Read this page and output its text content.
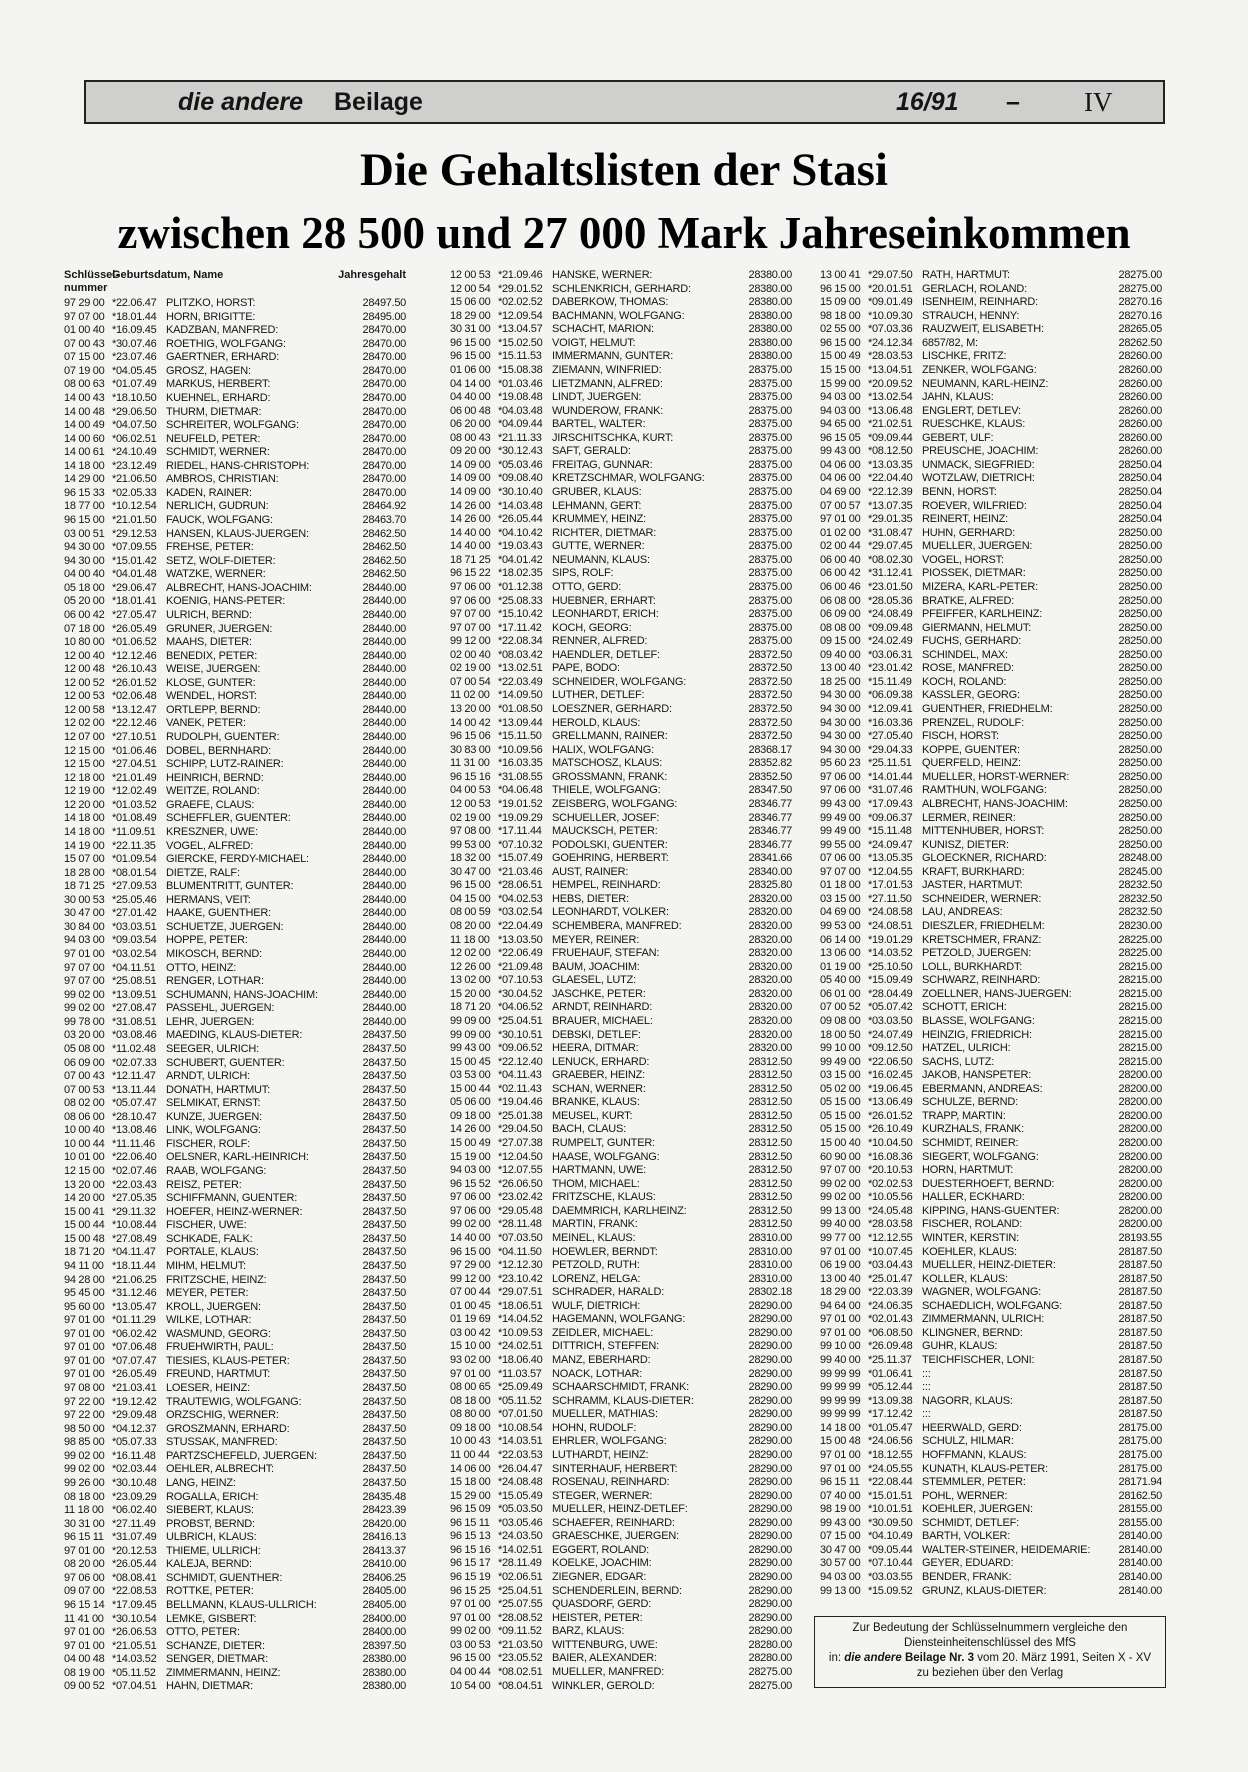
die andere Beilage	16/91 – IV
Die Gehaltslisten der Stasi
zwischen 28 500 und 27 000 Mark Jahreseinkommen
Schlüssel-
nummer
Geburtsdatum, Name	Jahresgehalt
97 29 00 *22.06.47 PLITZKO, HORST:	28497.50
97 07 00 *18.01.44 HORN, BRIGITTE:	28495.00
01 00 40 *16.09.45 KADZBAN, MANFRED:	28470.00
07 00 43 *30.07.46 ROETHIG, WOLFGANG:	28470.00
07 15 00 *23.07.46 GAERTNER, ERHARD:	28470.00
07 19 00 *04.05.45 GROSZ, HAGEN:	28470.00
08 00 63 *01.07.49 MARKUS, HERBERT:	28470.00
14 00 43 *18.10.50 KUEHNEL, ERHARD:	28470.00
14 00 48 *29.06.50 THURM, DIETMAR:	28470.00
14 00 49 *04.07.50 SCHREITER, WOLFGANG:	28470.00
14 00 60 *06.02.51 NEUFELD, PETER:	28470.00
14 00 61 *24.10.49 SCHMIDT, WERNER:	28470.00
14 18 00 *23.12.49 RIEDEL, HANS-CHRISTOPH:	28470.00
14 29 00 *21.06.50 AMBROS, CHRISTIAN:	28470.00
96 15 33 *02.05.33 KADEN, RAINER:	28470.00
18 77 00 *10.12.54 NERLICH, GUDRUN:	28464.92
96 15 00 *21.01.50 FAUCK, WOLFGANG:	28463.70
03 00 51 *29.12.53 HANSEN, KLAUS-JUERGEN:	28462.50
94 30 00 *07.09.55 FREHSE, PETER:	28462.50
94 30 00 *15.01.42 SETZ, WOLF-DIETER:	28462.50
04 00 40 *04.01.48 WATZKE, WERNER:	28462.50
05 18 00 *29.06.47 ALBRECHT, HANS-JOACHIM:	28440.00
05 20 00 *18.01.41 KOENIG, HANS-PETER:	28440.00
06 00 42 *27.05.47 ULRICH, BERND:	28440.00
07 18 00 *26.05.49 GRUNER, JUERGEN:	28440.00
10 80 00 *01.06.52 MAAHS, DIETER:	28440.00
12 00 40 *12.12.46 BENEDIX, PETER:	28440.00
12 00 48 *26.10.43 WEISE, JUERGEN:	28440.00
12 00 52 *26.01.52 KLOSE, GUNTER:	28440.00
12 00 53 *02.06.48 WENDEL, HORST:	28440.00
12 00 58 *13.12.47 ORTLEPP, BERND:	28440.00
12 02 00 *22.12.46 VANEK, PETER:	28440.00
12 07 00 *27.10.51 RUDOLPH, GUENTER:	28440.00
12 15 00 *01.06.46 DOBEL, BERNHARD:	28440.00
12 15 00 *27.04.51 SCHIPP, LUTZ-RAINER:	28440.00
12 18 00 *21.01.49 HEINRICH, BERND:	28440.00
12 19 00 *12.02.49 WEITZE, ROLAND:	28440.00
12 20 00 *01.03.52 GRAEFE, CLAUS:	28440.00
14 18 00 *01.08.49 SCHEFFLER, GUENTER:	28440.00
14 18 00 *11.09.51 KRESZNER, UWE:	28440.00
14 19 00 *22.11.35 VOGEL, ALFRED:	28440.00
15 07 00 *01.09.54 GIERCKE, FERDY-MICHAEL:	28440.00
18 28 00 *08.01.54 DIETZE, RALF:	28440.00
18 71 25 *27.09.53 BLUMENTRITT, GUNTER:	28440.00
30 00 53 *25.05.46 HERMANS, VEIT:	28440.00
30 47 00 *27.01.42 HAAKE, GUENTHER:	28440.00
30 84 00 *03.03.51 SCHUETZE, JUERGEN:	28440.00
94 03 00 *09.03.54 HOPPE, PETER:	28440.00
97 01 00 *03.02.54 MIKOSCH, BERND:	28440.00
97 07 00 *04.11.51 OTTO, HEINZ:	28440.00
97 07 00 *25.08.51 RENGER, LOTHAR:	28440.00
99 02 00 *13.09.51 SCHUMANN, HANS-JOACHIM:	28440.00
99 02 00 *27.08.47 PASSEHL, JUERGEN:	28440.00
99 78 00 *31.08.51 LEHR, JUERGEN:	28440.00
03 20 00 *03.08.46 MAEDING, KLAUS-DIETER:	28437.50
05 08 00 *11.02.48 SEEGER, ULRICH:	28437.50
06 09 00 *02.07.33 SCHUBERT, GUENTER:	28437.50
07 00 43 *12.11.47 ARNDT, ULRICH:	28437.50
07 00 53 *13.11.44 DONATH, HARTMUT:	28437.50
08 02 00 *05.07.47 SELMIKAT, ERNST:	28437.50
08 06 00 *28.10.47 KUNZE, JUERGEN:	28437.50
10 00 40 *13.08.46 LINK, WOLFGANG:	28437.50
10 00 44 *11.11.46	FISCHER, ROLF:	28437.50
10 01 00 *22.06.40 OELSNER, KARL-HEINRICH:	28437.50
12 15 00 *02.07.46 RAAB, WOLFGANG:	28437.50
13 20 00 *22.03.43 REISZ, PETER:	28437.50
14 20 00 *27.05.35 SCHIFFMANN, GUENTER:	28437.50
15 00 41 *29.11.32 HOEFER, HEINZ-WERNER:	28437.50
15 00 44 *10.08.44 FISCHER, UWE:	28437.50
15 00 48 *27.08.49 SCHKADE, FALK:	28437.50
18 71 20 *04.11.47 PORTALE, KLAUS:	28437.50
94 11 00 *18.11.44 MIHM, HELMUT:	28437.50
94 28 00 *21.06.25 FRITZSCHE, HEINZ:	28437.50
95 45 00 *31.12.46 MEYER, PETER:	28437.50
95 60 00 *13.05.47 KROLL, JUERGEN:	28437.50
97 01 00 *01.11.29 WILKE, LOTHAR:	28437.50
97 01 00 *06.02.42 WASMUND, GEORG:	28437.50
97 01 00 *07.06.48 FRUEHWIRTH, PAUL:	28437.50
97 01 00 *07.07.47 TIESIES, KLAUS-PETER:	28437.50
97 01 00 *26.05.49 FREUND, HARTMUT:	28437.50
97 08 00 *21.03.41 LOESER, HEINZ:	28437.50
97 22 00 *19.12.42 TRAUTEWIG, WOLFGANG:	28437.50
97 22 00 *29.09.48 ORZSCHIG, WERNER:	28437.50
98 50 00 *04.12.37 GROSZMANN, ERHARD:	28437.50
98 85 00 *05.07.33 STUSSAK, MANFRED:	28437.50
99 02 00 *16.11.48 PARTZSCHEFELD, JUERGEN:	28437.50
99 02 00 *02.03.44 OEHLER, ALBRECHT:	28437.50
99 26 00 *30.10.48 LANG, HEINZ:	28437.50
08 18 00 *23.09.29 ROGALLA, ERICH:	28435.48
11 18 00 *06.02.40 SIEBERT, KLAUS:	28423.39
30 31 00 *27.11.49 PROBST, BERND:	28420.00
96 15 11 *31.07.49 ULBRICH, KLAUS:	28416.13
97 01 00 *20.12.53 THIEME, ULLRICH:	28413.37
08 20 00 *26.05.44 KALEJA, BERND:	28410.00
97 06 00 *08.08.41 SCHMIDT, GUENTHER:	28406.25
09 07 00 *22.08.53 ROTTKE, PETER:	28405.00
96 15 14 *17.09.45 BELLMANN, KLAUS-ULLRICH:	28405.00
11 41 00 *30.10.54 LEMKE, GISBERT:	28400.00
97 01 00 *26.06.53 OTTO, PETER:	28400.00
97 01 00 *21.05.51 SCHANZE, DIETER:	28397.50
04 00 48 *14.03.52 SENGER, DIETMAR:	28380.00
08 19 00 *05.11.52 ZIMMERMANN, HEINZ:	28380.00
09 00 52 *07.04.51 HAHN, DIETMAR:	28380.00
12 00 53 *21.09.46 HANSKE, WERNER:	28380.00
12 00 54 *29.01.52 SCHLENKRICH, GERHARD:	28380.00
15 06 00 *02.02.52 DABERKOW, THOMAS:	28380.00
18 29 00 *12.09.54 BACHMANN, WOLFGANG:	28380.00
30 31 00 *13.04.57 SCHACHT, MARION:	28380.00
96 15 00 *15.02.50 VOIGT, HELMUT:	28380.00
96 15 00 *15.11.53 IMMERMANN, GUNTER:	28380.00
01 06 00 *15.08.38 ZIEMANN, WINFRIED:	28375.00
04 14 00 *01.03.46 LIETZMANN, ALFRED:	28375.00
04 40 00 *19.08.48 LINDT, JUERGEN:	28375.00
06 00 48 *04.03.48 WUNDEROW, FRANK:	28375.00
06 20 00 *04.09.44 BARTEL, WALTER:	28375.00
08 00 43 *21.11.33 JIRSCHITSCHKA, KURT:	28375.00
09 20 00 *30.12.43 SAFT, GERALD:	28375.00
14 09 00 *05.03.46 FREITAG, GUNNAR:	28375.00
14 09 00 *09.08.40 KRETZSCHMAR, WOLFGANG:	28375.00
14 09 00 *30.10.40 GRUBER, KLAUS:	28375.00
14 26 00 *14.03.48 LEHMANN, GERT:	28375.00
14 26 00 *26.05.44 KRUMMEY, HEINZ:	28375.00
14 40 00 *04.10.42 RICHTER, DIETMAR:	28375.00
14 40 00 *19.03.43 GUTTE, WERNER:	28375.00
18 71 25 *04.01.42 NEUMANN, KLAUS:	28375.00
96 15 22 *18.02.35 SIPS, ROLF:	28375.00
97 06 00 *01.12.38 OTTO, GERD:	28375.00
97 06 00 *25.08.33 HUEBNER, ERHART:	28375.00
97 07 00 *15.10.42 LEONHARDT, ERICH:	28375.00
97 07 00 *17.11.42 KOCH, GEORG:	28375.00
99 12 00 *22.08.34 RENNER, ALFRED:	28375.00
02 00 40 *08.03.42 HAENDLER, DETLEF:	28372.50
02 19 00 *13.02.51 PAPE, BODO:	28372.50
07 00 54 *22.03.49 SCHNEIDER, WOLFGANG:	28372.50
11 02 00 *14.09.50 LUTHER, DETLEF:	28372.50
13 20 00 *01.08.50 LOESZNER, GERHARD:	28372.50
14 00 42 *13.09.44 HEROLD, KLAUS:	28372.50
96 15 06 *15.11.50 GRELLMANN, RAINER:	28372.50
30 83 00 *10.09.56 HALIX, WOLFGANG:	28368.17
11 31 00 *16.03.35 MATSCHOSZ, KLAUS:	28352.82
96 15 16 *31.08.55 GROSSMANN, FRANK:	28352.50
04 00 53 *04.06.48 THIELE, WOLFGANG:	28347.50
12 00 53 *19.01.52 ZEISBERG, WOLFGANG:	28346.77
02 19 00 *19.09.29 SCHUELLER, JOSEF:	28346.77
97 08 00 *17.11.44 MAUCKSCH, PETER:	28346.77
99 53 00 *07.10.32 PODOLSKI, GUENTER:	28346.77
18 32 00 *15.07.49 GOEHRING, HERBERT:	28341.66
30 47 00 *21.03.46 AUST, RAINER:	28340.00
96 15 00 *28.06.51 HEMPEL, REINHARD:	28325.80
04 15 00 *04.02.53 HEBS, DIETER:	28320.00
08 00 59 *03.02.54 LEONHARDT, VOLKER:	28320.00
08 20 00 *22.04.49 SCHEMBERA, MANFRED:	28320.00
11 18 00 *13.03.50 MEYER, REINER:	28320.00
12 02 00 *22.06.49 FRUEHAUF, STEFAN:	28320.00
12 26 00 *21.09.48 BAUM, JOACHIM:	28320.00
13 02 00 *07.10.53 GLAESEL, LUTZ:	28320.00
15 20 00 *30.04.52 JASCHKE, PETER:	28320.00
18 71 20 *04.06.52 ARNDT, REINHARD:	28320.00
99 09 00 *25.04.51 BRAUER, MICHAEL:	28320.00
99 09 00 *30.10.51 DEBSKI, DETLEF:	28320.00
99 43 00 *09.06.52 HEERA, DITMAR:	28320.00
15 00 45 *22.12.40 LENUCK, ERHARD:	28312.50
03 53 00 *04.11.43 GRAEBER, HEINZ:	28312.50
15 00 44 *02.11.43 SCHAN, WERNER:	28312.50
05 06 00 *19.04.46 BRANKE, KLAUS:	28312.50
09 18 00 *25.01.38 MEUSEL, KURT:	28312.50
14 26 00 *29.04.50 BACH, CLAUS:	28312.50
15 00 49 *27.07.38 RUMPELT, GUNTER:	28312.50
15 19 00 *12.04.50 HAASE, WOLFGANG:	28312.50
94 03 00 *12.07.55 HARTMANN, UWE:	28312.50
96 15 52 *26.06.50 THOM, MICHAEL:	28312.50
97 06 00 *23.02.42 FRITZSCHE, KLAUS:	28312.50
97 06 00 *29.05.48 DAEMMRICH, KARLHEINZ:	28312.50
99 02 00 *28.11.48 MARTIN, FRANK:	28312.50
14 40 00 *07.03.50 MEINEL, KLAUS:	28310.00
96 15 00 *04.11.50 HOEWLER, BERNDT:	28310.00
97 29 00 *12.12.30 PETZOLD, RUTH:	28310.00
99 12 00 *23.10.42 LORENZ, HELGA:	28310.00
07 00 44 *29.07.51 SCHRADER, HARALD:	28302.18
01 00 45 *18.06.51 WULF, DIETRICH:	28290.00
01 19 69 *14.04.52 HAGEMANN, WOLFGANG:	28290.00
03 00 42 *10.09.53 ZEIDLER, MICHAEL:	28290.00
15 10 00 *24.02.51 DITTRICH, STEFFEN:	28290.00
93 02 00 *18.06.40 MANZ, EBERHARD:	28290.00
97 01 00 *11.03.57 NOACK, LOTHAR:	28290.00
08 00 65 *25.09.49 SCHAARSCHMIDT, FRANK:	28290.00
08 18 00 *05.11.52 SCHRAMM, KLAUS-DIETER:	28290.00
08 80 00 *07.01.50 MUELLER, MATHIAS:	28290.00
09 18 00 *10.08.54 HOHN, RUDOLF:	28290.00
10 00 43 *14.03.51 EHRLER, WOLFGANG:	28290.00
11 00 44 *22.03.53 LUTHARDT, HEINZ:	28290.00
14 06 00 *26.04.47 SINTERHAUF, HERBERT:	28290.00
15 18 00 *24.08.48 ROSENAU, REINHARD:	28290.00
15 29 00 *15.05.49 STEGER, WERNER:	28290.00
96 15 09 *05.03.50 MUELLER, HEINZ-DETLEF:	28290.00
96 15 11 *03.05.46 SCHAEFER, REINHARD:	28290.00
96 15 13 *24.03.50 GRAESCHKE, JUERGEN:	28290.00
96 15 16 *14.02.51 EGGERT, ROLAND:	28290.00
96 15 17 *28.11.49 KOELKE, JOACHIM:	28290.00
96 15 19 *02.06.51 ZIEGNER, EDGAR:	28290.00
96 15 25 *25.04.51 SCHENDERLEIN, BERND:	28290.00
97 01 00 *25.07.55 QUASDORF, GERD:	28290.00
97 01 00 *28.08.52 HEISTER, PETER:	28290.00
99 02 00 *09.11.52 BARZ, KLAUS:	28290.00
03 00 53 *21.03.50 WITTENBURG, UWE:	28280.00
96 15 00 *23.05.52 BAIER, ALEXANDER:	28280.00
04 00 44 *08.02.51 MUELLER, MANFRED:	28275.00
10 54 00 *08.04.51 WINKLER, GEROLD:	28275.00
13 00 41 *29.07.50 RATH, HARTMUT:	28275.00
96 15 00 *20.01.51 GERLACH, ROLAND:	28275.00
15 09 00 *09.01.49 ISENHEIM, REINHARD:	28270.16
98 18 00 *10.09.30 STRAUCH, HENNY:	28270.16
02 55 00 *07.03.36 RAUZWEIT, ELISABETH:	28265.05
96 15 00 *24.12.34 6857/82, M:	28262.50
15 00 49 *28.03.53 LISCHKE, FRITZ:	28260.00
15 15 00 *13.04.51 ZENKER, WOLFGANG:	28260.00
15 99 00 *20.09.52 NEUMANN, KARL-HEINZ:	28260.00
94 03 00 *13.02.54 JAHN, KLAUS:	28260.00
94 03 00 *13.06.48 ENGLERT, DETLEV:	28260.00
94 65 00 *21.02.51 RUESCHKE, KLAUS:	28260.00
96 15 05 *09.09.44 GEBERT, ULF:	28260.00
99 43 00 *08.12.50 PREUSCHE, JOACHIM:	28260.00
04 06 00 *13.03.35 UNMACK, SIEGFRIED:	28250.04
04 06 00 *22.04.40 WOTZLAW, DIETRICH:	28250.04
04 69 00 *22.12.39 BENN, HORST:	28250.04
07 00 57 *13.07.35 ROEVER, WILFRIED:	28250.04
97 01 00 *29.01.35 REINERT, HEINZ:	28250.04
01 02 00 *31.08.47 HUHN, GERHARD:	28250.00
02 00 44 *29.07.45 MUELLER, JUERGEN:	28250.00
06 00 40 *08.02.30 VOGEL, HORST:	28250.00
06 00 42 *31.12.41 PIOSSEK, DIETMAR:	28250.00
06 00 46 *23.01.50 MIZERA, KARL-PETER:	28250.00
06 08 00 *28.05.36 BRATKE, ALFRED:	28250.00
06 09 00 *24.08.49 PFEIFFER, KARLHEINZ:	28250.00
08 08 00 *09.09.48 GIERMANN, HELMUT:	28250.00
09 15 00 *24.02.49 FUCHS, GERHARD:	28250.00
09 40 00 *03.06.31 SCHINDEL, MAX:	28250.00
13 00 40 *23.01.42 ROSE, MANFRED:	28250.00
18 25 00 *15.11.49 KOCH, ROLAND:	28250.00
94 30 00 *06.09.38 KASSLER, GEORG:	28250.00
94 30 00 *12.09.41 GUENTHER, FRIEDHELM:	28250.00
94 30 00 *16.03.36 PRENZEL, RUDOLF:	28250.00
94 30 00 *27.05.40 FISCH, HORST:	28250.00
94 30 00 *29.04.33 KOPPE, GUENTER:	28250.00
95 60 23 *25.11.51 QUERFELD, HEINZ:	28250.00
97 06 00 *14.01.44 MUELLER, HORST-WERNER:	28250.00
97 06 00 *31.07.46 RAMTHUN, WOLFGANG:	28250.00
99 43 00 *17.09.43 ALBRECHT, HANS-JOACHIM:	28250.00
99 49 00 *09.06.37 LERMER, REINER:	28250.00
99 49 00 *15.11.48 MITTENHUBER, HORST:	28250.00
99 55 00 *24.09.47 KUNISZ, DIETER:	28250.00
07 06 00 *13.05.35 GLOECKNER, RICHARD:	28248.00
97 07 00 *12.04.55 KRAFT, BURKHARD:	28245.00
01 18 00 *17.01.53 JASTER, HARTMUT:	28232.50
03 15 00 *27.11.50 SCHNEIDER, WERNER:	28232.50
04 69 00 *24.08.58 LAU, ANDREAS:	28232.50
99 53 00 *24.08.51 DIESZLER, FRIEDHELM:	28230.00
06 14 00 *19.01.29 KRETSCHMER, FRANZ:	28225.00
13 06 00 *14.03.52 PETZOLD, JUERGEN:	28225.00
01 19 00 *25.10.50 LOLL, BURKHARDT:	28215.00
05 40 00 *15.09.49 SCHWARZ, REINHARD:	28215.00
06 01 00 *28.04.49 ZOELLNER, HANS-JUERGEN:	28215.00
07 00 52 *05.07.42 SCHOTT, ERICH:	28215.00
09 08 00 *03.03.50 BLASSE, WOLFGANG:	28215.00
18 00 50 *24.07.49 HEINZIG, FRIEDRICH:	28215.00
99 10 00 *09.12.50 HATZEL, ULRICH:	28215.00
99 49 00 *22.06.50 SACHS, LUTZ:	28215.00
03 15 00 *16.02.45 JAKOB, HANSPETER:	28200.00
05 02 00 *19.06.45 EBERMANN, ANDREAS:	28200.00
05 15 00 *13.06.49 SCHULZE, BERND:	28200.00
05 15 00 *26.01.52 TRAPP, MARTIN:	28200.00
05 15 00 *26.10.49 KURZHALS, FRANK:	28200.00
15 00 40 *10.04.50 SCHMIDT, REINER:	28200.00
60 90 00 *16.08.36 SIEGERT, WOLFGANG:	28200.00
97 07 00 *20.10.53 HORN, HARTMUT:	28200.00
99 02 00 *02.02.53 DUESTERHOEFT, BERND:	28200.00
99 02 00 *10.05.56 HALLER, ECKHARD:	28200.00
99 13 00 *24.05.48 KIPPING, HANS-GUENTER:	28200.00
99 40 00 *28.03.58 FISCHER, ROLAND:	28200.00
99 77 00 *12.12.55 WINTER, KERSTIN:	28193.55
97 01 00 *10.07.45 KOEHLER, KLAUS:	28187.50
06 19 00 *03.04.43 MUELLER, HEINZ-DIETER:	28187.50
13 00 40 *25.01.47 KOLLER, KLAUS:	28187.50
18 29 00 *22.03.39 WAGNER, WOLFGANG:	28187.50
94 64 00 *24.06.35 SCHAEDLICH, WOLFGANG:	28187.50
97 01 00 *02.01.43 ZIMMERMANN, ULRICH:	28187.50
97 01 00 *06.08.50 KLINGNER, BERND:	28187.50
99 10 00 *26.09.48 GUHR, KLAUS:	28187.50
99 40 00 *25.11.37 TEICHFISCHER, LONI:	28187.50
99 99 99 *01.06.41 :::	28187.50
99 99 99 *05.12.44 :::	28187.50
99 99 99 *13.09.38 NAGORR, KLAUS:	28187.50
99 99 99 *17.12.42 :::	28187.50
14 18 00 *01.05.47 HEERWALD, GERD:	28175.00
15 00 48 *24.06.56 SCHULZ, HILMAR:	28175.00
97 01 00 *18.12.55 HOFFMANN, KLAUS:	28175.00
97 01 00 *24.05.55 KUNATH, KLAUS-PETER:	28175.00
96 15 11 *22.08.44 STEMMLER, PETER:	28171.94
07 40 00 *15.01.51 POHL, WERNER:	28162.50
98 19 00 *10.01.51 KOEHLER, JUERGEN:	28155.00
99 43 00 *30.09.50 SCHMIDT, DETLEF:	28155.00
07 15 00 *04.10.49 BARTH, VOLKER:	28140.00
30 47 00 *09.05.44 WALTER-STEINER, HEIDEMARIE:	28140.00
30 57 00 *07.10.44 GEYER, EDUARD:	28140.00
94 03 00 *03.03.55 BENDER, FRANK:	28140.00
99 13 00 *15.09.52 GRUNZ, KLAUS-DIETER:	28140.00
Zur Bedeutung der Schlüsselnummern vergleiche den
Diensteinheitenschlüssel des MfS
in: die andere Beilage Nr. 3 vom 20. März 1991, Seiten X - XV
zu beziehen über den Verlag
